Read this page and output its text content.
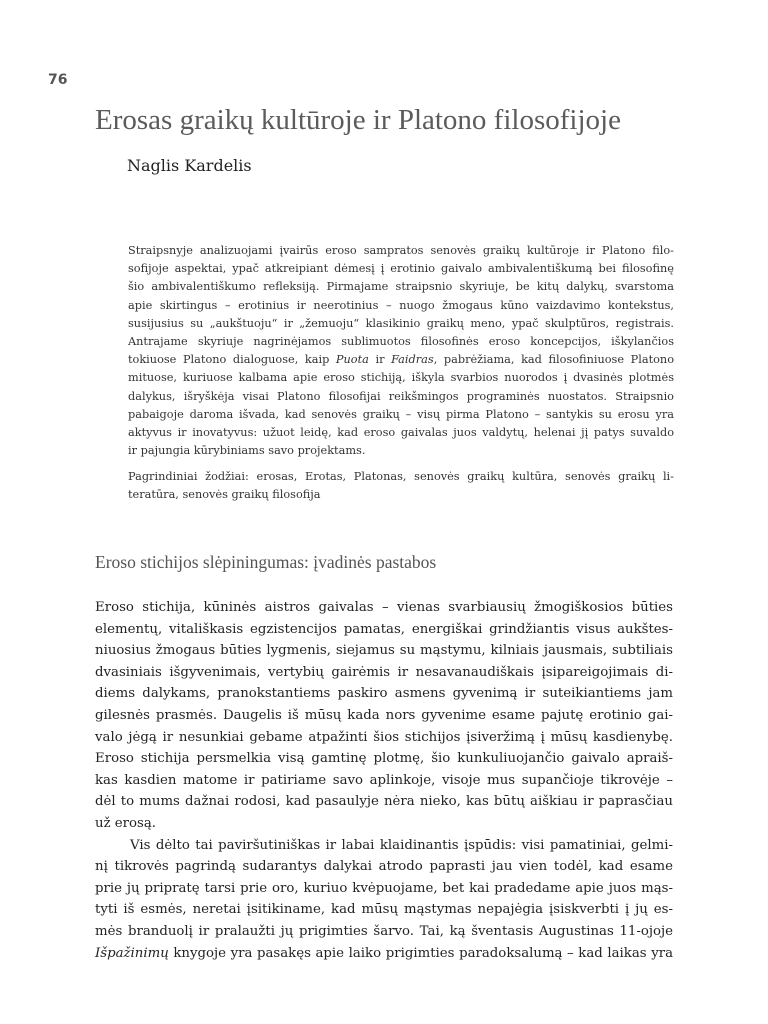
76
Erosas graikų kultūroje ir Platono filosofijoje
Naglis Kardelis
Straipsnyje analizuojami įvairūs eroso sampratos senovės graikų kultūroje ir Platono filo-
sofijoje aspektai, ypač atkreipiant dėmesį į erotinio gaivalo ambivalentiškumą bei filosofinę
šio ambivalentiškumo refleksiją. Pirmajame straipsnio skyriuje, be kitų dalykų, svarstoma
apie skirtingus – erotinius ir neerotinius – nuogo žmogaus kūno vaizdavimo kontekstus,
susijusius su „aukštuoju“ ir „žemuoju“ klasikinio graikų meno, ypač skulptūros, registrais.
Antrajame skyriuje nagrinėjamos sublimuotos filosofinės eroso koncepcijos, iškylančios
tokiuose Platono dialoguose, kaip Puota ir Faidras, pabrėžiama, kad filosofiniuose Platono
mituose, kuriuose kalbama apie eroso stichiją, iškyla svarbios nuorodos į dvasinės plotmės
dalykus, išryškėja visai Platono filosofijai reikšmingos programinės nuostatos. Straipsnio
pabaigoje daroma išvada, kad senovės graikų – visų pirma Platono – santykis su erosu yra
aktyvus ir inovatyvus: užuot leidę, kad eroso gaivalas juos valdytų, helenai jį patys suvaldo
ir pajungia kūrybiniams savo projektams.
Pagrindiniai žodžiai: erosas, Erotas, Platonas, senovės graikų kultūra, senovės graikų li-
teratūra, senovės graikų filosofija
Eroso stichijos slėpiningumas: įvadinės pastabos
Eroso stichija, kūninės aistros gaivalas – vienas svarbiausių žmogiškosios būties
elementų, vitališkasis egzistencijos pamatas, energiškai grindžiantis visus aukštes-
niuosius žmogaus būties lygmenis, siejamus su mąstymu, kilniais jausmais, subtiliais
dvasiniais išgyvenimais, vertybių gairėmis ir nesavanaudiškais įsipareigojimais di-
diems dalykams, pranokstantiems paskiro asmens gyvenimą ir suteikiantiems jam
gilesnės prasmės. Daugelis iš mūsų kada nors gyvenime esame pajutę erotinio gai-
valo jėgą ir nesunkiai gebame atpažinti šios stichijos įsiveržimą į mūsų kasdienybę.
Eroso stichija persmelkia visą gamtinę plotmę, šio kunkuliuojančio gaivalo apraiš-
kas kasdien matome ir patiriame savo aplinkoje, visoje mus supančioje tikrovėje –
dėl to mums dažnai rodosi, kad pasaulyje nėra nieko, kas būtų aiškiau ir paprasčiau
už erosą.
Vis dėlto tai paviršutiniškas ir labai klaidinantis įspūdis: visi pamatiniai, gelmi-
nį tikrovės pagrindą sudarantys dalykai atrodo paprasti jau vien todėl, kad esame
prie jų pripratę tarsi prie oro, kuriuo kvėpuojame, bet kai pradedame apie juos mąs-
tyti iš esmės, neretai įsitikiname, kad mūsų mąstymas nepajėgia įsiskverbti į jų es-
mės branduolį ir pralaužti jų prigimties šarvo. Tai, ką šventasis Augustinas 11-ojoje
Išpažinimų knygoje yra pasakęs apie laiko prigimties paradoksalumą – kad laikas yra
